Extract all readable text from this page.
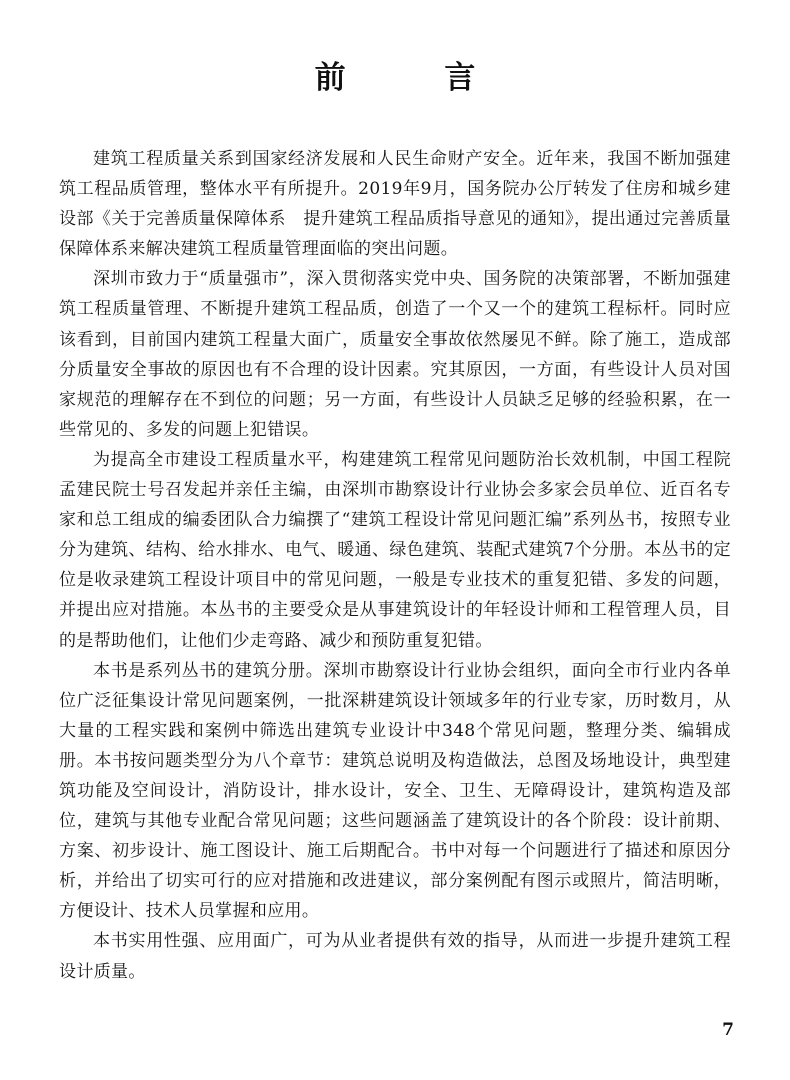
前 言

建筑工程质量关系到国家经济发展和人民生命财产安全。近年来，我国不断加强建筑工程品质管理，整体水平有所提升。2019年9月，国务院办公厅转发了住房和城乡建设部《关于完善质量保障体系　提升建筑工程品质指导意见的通知》，提出通过完善质量保障体系来解决建筑工程质量管理面临的突出问题。

深圳市致力于“质量强市”，深入贯彻落实党中央、国务院的决策部署，不断加强建筑工程质量管理、不断提升建筑工程品质，创造了一个又一个的建筑工程标杆。同时应该看到，目前国内建筑工程量大面广，质量安全事故依然屡见不鲜。除了施工，造成部分质量安全事故的原因也有不合理的设计因素。究其原因，一方面，有些设计人员对国家规范的理解存在不到位的问题；另一方面，有些设计人员缺乏足够的经验积累，在一些常见的、多发的问题上犯错误。

为提高全市建设工程质量水平，构建建筑工程常见问题防治长效机制，中国工程院孟建民院士号召发起并亲任主编，由深圳市勘察设计行业协会多家会员单位、近百名专家和总工组成的编委团队合力编撰了“建筑工程设计常见问题汇编”系列丛书，按照专业分为建筑、结构、给水排水、电气、暖通、绿色建筑、装配式建筑7个分册。本丛书的定位是收录建筑工程设计项目中的常见问题，一般是专业技术的重复犯错、多发的问题，并提出应对措施。本丛书的主要受众是从事建筑设计的年轻设计师和工程管理人员，目的是帮助他们，让他们少走弯路、减少和预防重复犯错。

本书是系列丛书的建筑分册。深圳市勘察设计行业协会组织，面向全市行业内各单位广泛征集设计常见问题案例，一批深耕建筑设计领域多年的行业专家，历时数月，从大量的工程实践和案例中筛选出建筑专业设计中348个常见问题，整理分类、编辑成册。本书按问题类型分为八个章节：建筑总说明及构造做法，总图及场地设计，典型建筑功能及空间设计，消防设计，排水设计，安全、卫生、无障碍设计，建筑构造及部位，建筑与其他专业配合常见问题；这些问题涵盖了建筑设计的各个阶段：设计前期、方案、初步设计、施工图设计、施工后期配合。书中对每一个问题进行了描述和原因分析，并给出了切实可行的应对措施和改进建议，部分案例配有图示或照片，简洁明晰，方便设计、技术人员掌握和应用。

本书实用性强、应用面广，可为从业者提供有效的指导，从而进一步提升建筑工程设计质量。

7
